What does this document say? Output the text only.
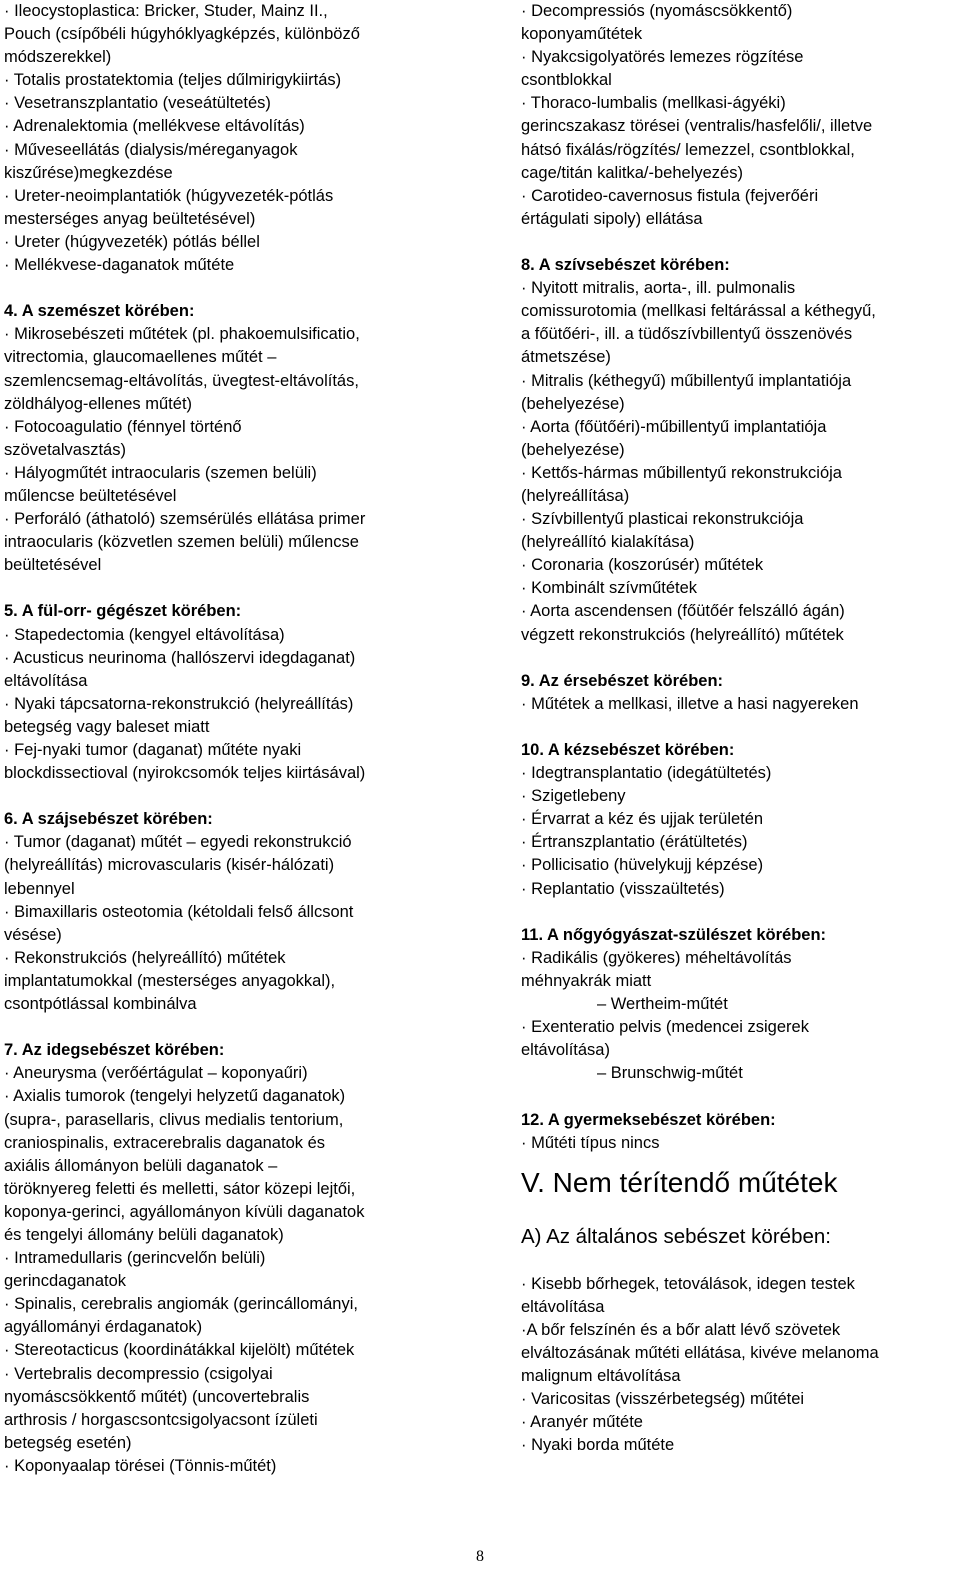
· Ileocystoplastica: Bricker, Studer, Mainz II.,
Pouch (csípőbéli húgyhóklyagképzés, különböző
módszerekkel)
· Totalis prostatektomia (teljes dűlmirigykiirtás)
· Vesetranszplantatio (veseátültetés)
· Adrenalektomia (mellékvese eltávolítás)
· Műveseellátás (dialysis/méreganyagok
kiszűrése)megkezdése
· Ureter-neoimplantatiók (húgyvezeték-pótlás
mesterséges anyag beültetésével)
· Ureter (húgyvezeték) pótlás béllel
· Mellékvese-daganatok műtéte
4. A szemészet körében:
· Mikrosebészeti műtétek (pl. phakoemulsificatio,
vitrectomia, glaucomaellenes műtét –
szemlencsemag-eltávolítás, üvegtest-eltávolítás,
zöldhályog-ellenes műtét)
· Fotocoagulatio (fénnyel történő
szövetalvasztás)
· Hályogműtét intraocularis (szemen belüli)
műlencse beültetésével
· Perforáló (áthatoló) szemsérülés ellátása primer
intraocularis (közvetlen szemen belüli) műlencse
beültetésével
5. A fül-orr- gégészet körében:
· Stapedectomia (kengyel eltávolítása)
· Acusticus neurinoma (hallószervi idegdaganat)
eltávolítása
· Nyaki tápcsatorna-rekonstrukció (helyreállítás)
betegség vagy baleset miatt
· Fej-nyaki tumor (daganat) műtéte nyaki
blockdissectioval (nyirokcsomók teljes kiirtásával)
6. A szájsebészet körében:
· Tumor (daganat) műtét – egyedi rekonstrukció
(helyreállítás) microvascularis (kisér-hálózati)
lebennyel
· Bimaxillaris osteotomia (kétoldali felső állcsont
vésése)
· Rekonstrukciós (helyreállító) műtétek
implantatumokkal (mesterséges anyagokkal),
csontpótlással kombinálva
7. Az idegsebészet körében:
· Aneurysma (verőértágulat – koponyaűri)
· Axialis tumorok (tengelyi helyzetű daganatok)
(supra-, parasellaris, clivus medialis tentorium,
craniospinalis, extracerebralis daganatok és
axiális állományon belüli daganatok –
töröknyereg feletti és melletti, sátor közepi lejtői,
koponya-gerinci, agyállományon kívüli daganatok
és tengelyi állomány belüli daganatok)
· Intramedullaris (gerincvelőn belüli)
gerincdaganatok
· Spinalis, cerebralis angiomák (gerincállományi,
agyállományi érdaganatok)
· Stereotacticus (koordinátákkal kijelölt) műtétek
· Vertebralis decompressio (csigolyai
nyomáscsökkentő műtét) (uncovertebralis
arthrosis / horgascsontcsigolyacsont ízületi
betegség esetén)
· Koponyaalap törései (Tönnis-műtét)
· Decompressiós (nyomáscsökkentő)
koponyaműtétek
· Nyakcsigolyatörés lemezes rögzítése
csontblokkal
· Thoraco-lumbalis (mellkasi-ágyéki)
gerincszakasz törései (ventralis/hasfelőli/, illetve
hátsó fixálás/rögzítés/ lemezzel, csontblokkal,
cage/titán kalitka/-behelyezés)
· Carotideo-cavernosus fistula (fejverőéri
értágulati sipoly) ellátása
8. A szívsebészet körében:
· Nyitott mitralis, aorta-, ill. pulmonalis
comissurotomia (mellkasi feltárással a kéthegyű,
a főütőéri-, ill. a tüdőszívbillentyű összenövés
átmetszése)
· Mitralis (kéthegyű) műbillentyű implantatiója
(behelyezése)
· Aorta (főütőéri)-műbillentyű implantatiója
(behelyezése)
· Kettős-hármas műbillentyű rekonstrukciója
(helyreállítása)
· Szívbillentyű plasticai rekonstrukciója
(helyreállító kialakítása)
· Coronaria (koszorúsér) műtétek
· Kombinált szívműtétek
· Aorta ascendensen (főütőér felszálló ágán)
végzett rekonstrukciós (helyreállító) műtétek
9. Az érsebészet körében:
· Műtétek a mellkasi, illetve a hasi nagyereken
10. A kézsebészet körében:
· Idegtransplantatio (idegátültetés)
· Szigetlebeny
· Érvarrat a kéz és ujjak területén
· Értranszplantatio (érátültetés)
· Pollicisatio (hüvelykujj képzése)
· Replantatio (visszaültetés)
11. A nőgyógyászat-szülészet körében:
· Radikális (gyökeres) méheltávolítás
méhnyakrák miatt
– Wertheim-műtét
· Exenteratio pelvis (medencei zsigerek
eltávolítása)
– Brunschwig-műtét
12. A gyermeksebészet körében:
· Műtéti típus nincs
V. Nem térítendő műtétek
A) Az általános sebészet körében:
· Kisebb bőrhegek, tetoválások, idegen testek
eltávolítása
·A bőr felszínén és a bőr alatt lévő szövetek
elváltozásának műtéti ellátása, kivéve melanoma
malignum eltávolítása
· Varicositas (visszérbetegség) műtétei
· Aranyér műtéte
· Nyaki borda műtéte
8
